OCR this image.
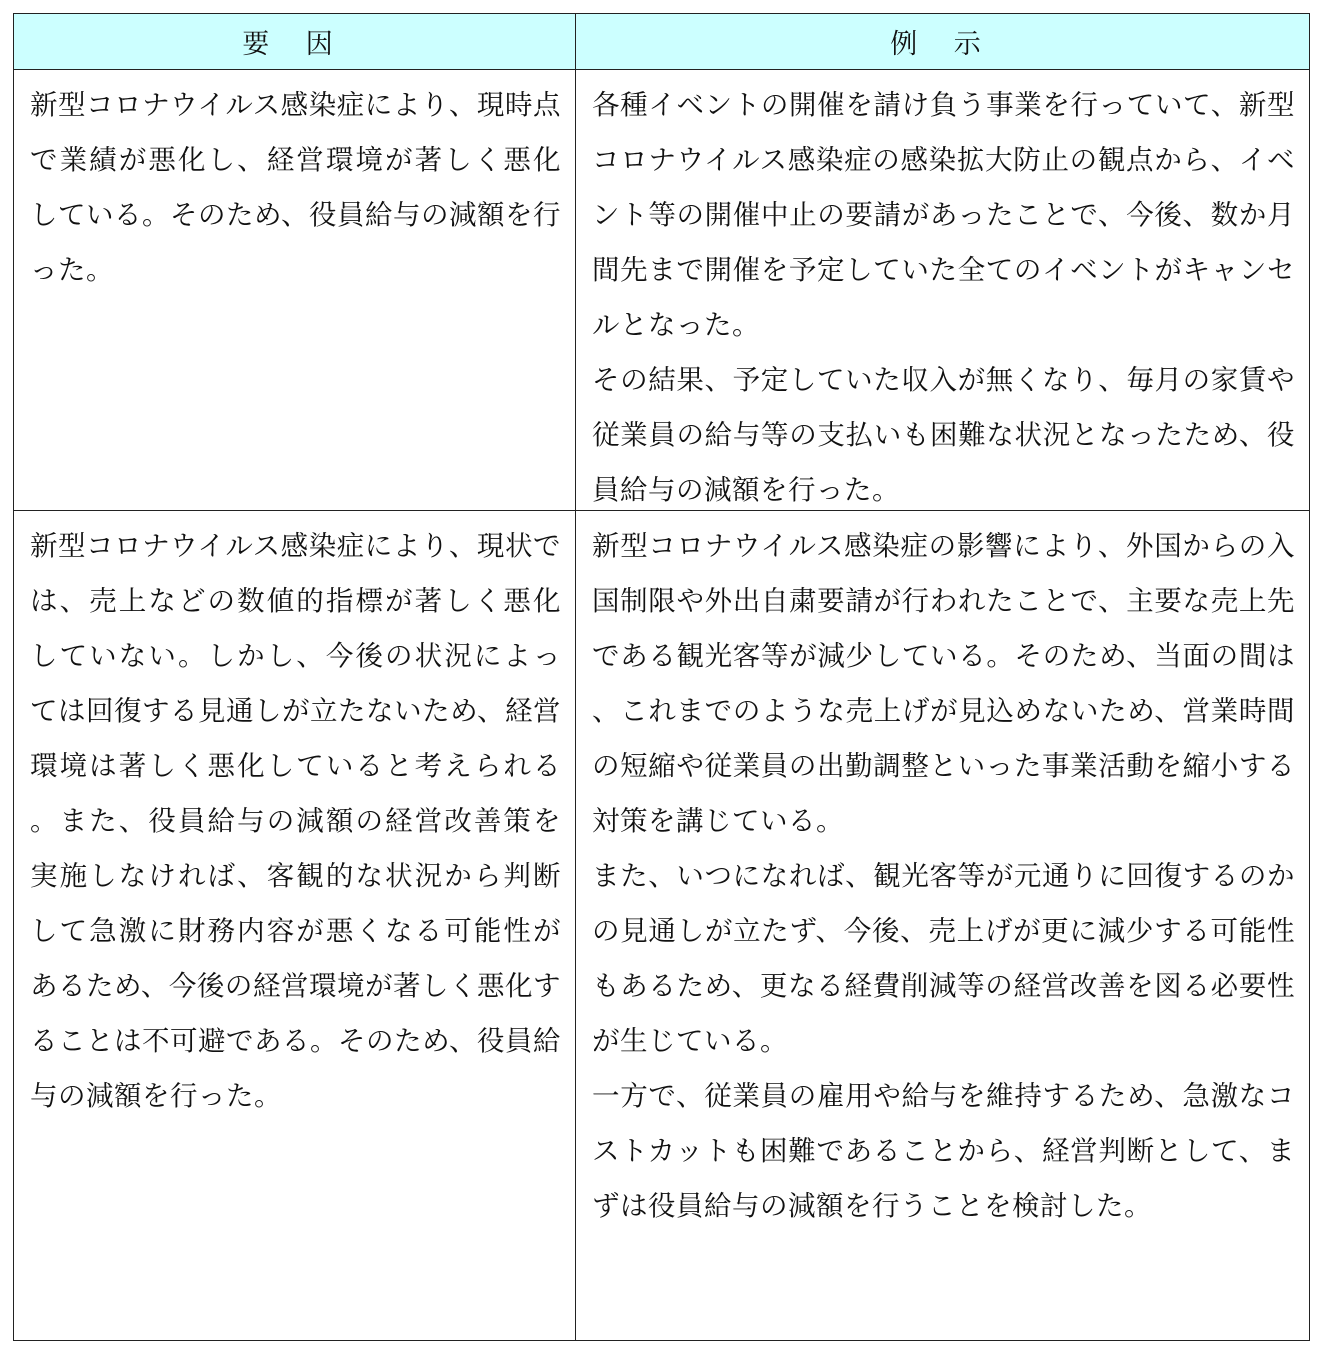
要 因	例 示
新型コロナウイルス感染症により、現時点で業績が悪化し、経営環境が著しく悪化している。そのため、役員給与の減額を行った。

各種イベントの開催を請け負う事業を行っていて、新型コロナウイルス感染症の感染拡大防止の観点から、イベント等の開催中止の要請があったことで、今後、数か月間先まで開催を予定していた全てのイベントがキャンセルとなった。

その結果、予定していた収入が無くなり、毎月の家賃や従業員の給与等の支払いも困難な状況となったため、役員給与の減額を行った。

新型コロナウイルス感染症により、現状では、売上などの数値的指標が著しく悪化していない。しかし、今後の状況によっては回復する見通しが立たないため、経営環境は著しく悪化していると考えられる。また、役員給与の減額の経営改善策を実施しなければ、客観的な状況から判断して急激に財務内容が悪くなる可能性があるため、今後の経営環境が著しく悪化することは不可避である。そのため、役員給与の減額を行った。

新型コロナウイルス感染症の影響により、外国からの入国制限や外出自粛要請が行われたことで、主要な売上先である観光客等が減少している。そのため、当面の間は、これまでのような売上げが見込めないため、営業時間の短縮や従業員の出勤調整といった事業活動を縮小する対策を講じている。

また、いつになれば、観光客等が元通りに回復するのかの見通しが立たず、今後、売上げが更に減少する可能性もあるため、更なる経費削減等の経営改善を図る必要性が生じている。

一方で、従業員の雇用や給与を維持するため、急激なコストカットも困難であることから、経営判断として、まずは役員給与の減額を行うことを検討した。
